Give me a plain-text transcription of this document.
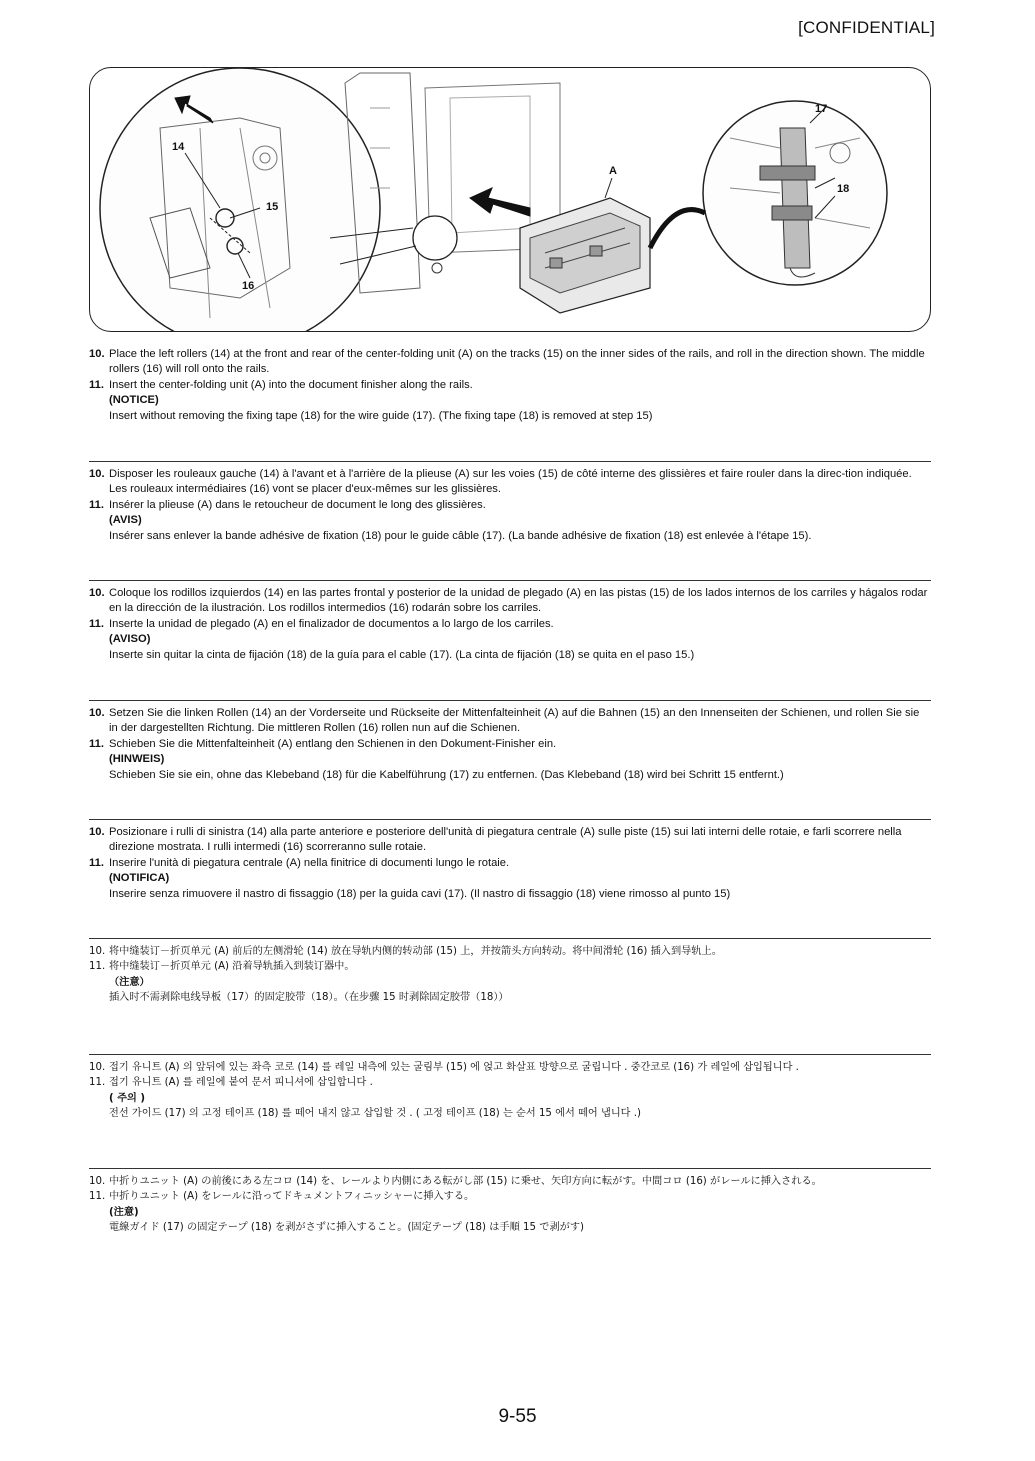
[CONFIDENTIAL]
14
15
16
A
17
18
10. Place the left rollers (14) at the front and rear of the center-folding unit (A) on the tracks (15) on the inner sides of the rails, and roll in the direction shown. The middle rollers (16) will roll onto the rails.
11. Insert the center-folding unit (A) into the document finisher along the rails.
(NOTICE)
Insert without removing the fixing tape (18) for the wire guide (17). (The fixing tape (18) is removed at step 15)
10. Disposer les rouleaux gauche (14) à l'avant et à l'arrière de la plieuse (A) sur les voies (15) de côté interne des glissières et faire rouler dans la direc-tion indiquée. Les rouleaux intermédiaires (16) vont se placer d'eux-mêmes sur les glissières.
11. Insérer la plieuse (A) dans le retoucheur de document le long des glissières.
(AVIS)
Insérer sans enlever la bande adhésive de fixation (18) pour le guide câble (17). (La bande adhésive de fixation (18) est enlevée à l'étape 15).
10. Coloque los rodillos izquierdos (14) en las partes frontal y posterior de la unidad de plegado (A) en las pistas (15) de los lados internos de los carriles y hágalos rodar en la dirección de la ilustración. Los rodillos intermedios (16) rodarán sobre los carriles.
11. Inserte la unidad de plegado (A) en el finalizador de documentos a lo largo de los carriles.
(AVISO)
Inserte sin quitar la cinta de fijación (18) de la guía para el cable (17). (La cinta de fijación (18) se quita en el paso 15.)
10. Setzen Sie die linken Rollen (14) an der Vorderseite und Rückseite der Mittenfalteinheit (A) auf die Bahnen (15) an den Innenseiten der Schienen, und rollen Sie sie in der dargestellten Richtung. Die mittleren Rollen (16) rollen nun auf die Schienen.
11. Schieben Sie die Mittenfalteinheit (A) entlang den Schienen in den Dokument-Finisher ein.
(HINWEIS)
Schieben Sie sie ein, ohne das Klebeband (18) für die Kabelführung (17) zu entfernen. (Das Klebeband (18) wird bei Schritt 15 entfernt.)
10. Posizionare i rulli di sinistra (14) alla parte anteriore e posteriore dell'unità di piegatura centrale (A) sulle piste (15) sui lati interni delle rotaie, e farli scorrere nella direzione mostrata. I rulli intermedi (16) scorreranno sulle rotaie.
11. Inserire l'unità di piegatura centrale (A) nella finitrice di documenti lungo le rotaie.
(NOTIFICA)
Inserire senza rimuovere il nastro di fissaggio (18) per la guida cavi (17). (Il nastro di fissaggio (18) viene rimosso al punto 15)
10. 将中缝装订－折页单元 (A) 前后的左侧滑轮 (14) 放在导轨内侧的转动部 (15) 上，并按箭头方向转动。将中间滑轮 (16) 插入到导轨上。
11. 将中缝装订－折页单元 (A) 沿着导轨插入到装订器中。
（注意）
插入时不需剥除电线导板（17）的固定胶带（18）。（在步骤 15 时剥除固定胶带（18））
10. 접기 유니트 (A) 의 앞뒤에 있는 좌측 코로 (14) 를 레일 내측에 있는 굴림부 (15) 에 얹고 화살표 방향으로 굴립니다 . 중간코로 (16) 가 레일에 삽입됩니다 .
11. 접기 유니트 (A) 를 레일에 붙여 문서 피니셔에 삽입합니다 .
( 주의 )
전선 가이드 (17) 의 고정 테이프 (18) 를 떼어 내지 않고 삽입할 것 . ( 고정 테이프 (18) 는 순서 15 에서 떼어 냅니다 .)
10. 中折りユニット (A) の前後にある左コロ (14) を、レールより内側にある転がし部 (15) に乗せ、矢印方向に転がす。中間コロ (16) がレールに挿入される。
11. 中折りユニット (A) をレールに沿ってドキュメントフィニッシャーに挿入する。
(注意)
電線ガイド (17) の固定テープ (18) を剥がさずに挿入すること。(固定テープ (18) は手順 15 で剥がす)
9-55
